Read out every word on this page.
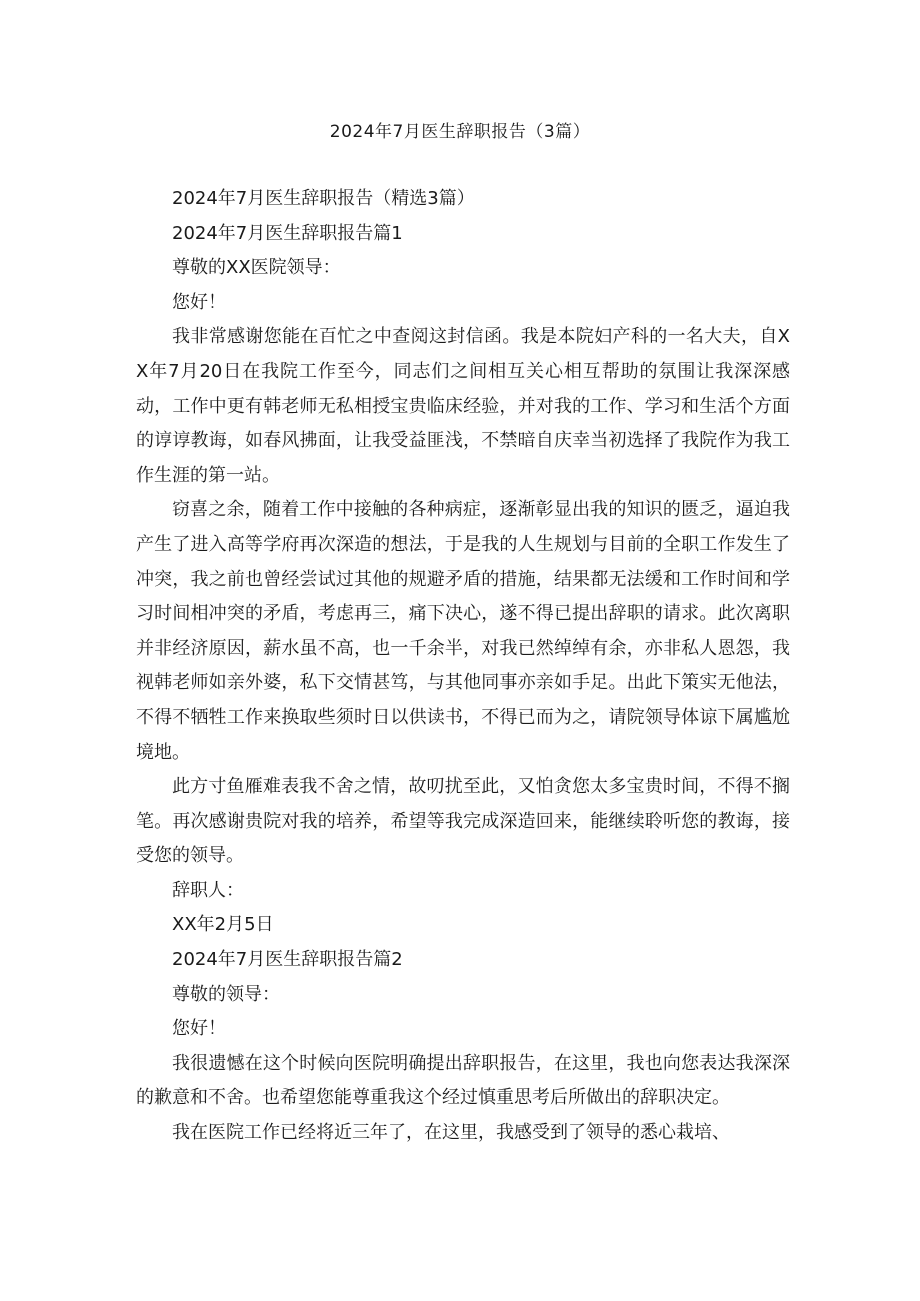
2024年7月医生辞职报告（3篇）

2024年7月医生辞职报告（精选3篇）

2024年7月医生辞职报告篇1

尊敬的XX医院领导：

您好！

我非常感谢您能在百忙之中查阅这封信函。我是本院妇产科的一名大夫，自XX年7月20日在我院工作至今，同志们之间相互关心相互帮助的氛围让我深深感动，工作中更有韩老师无私相授宝贵临床经验，并对我的工作、学习和生活个方面的谆谆教诲，如春风拂面，让我受益匪浅，不禁暗自庆幸当初选择了我院作为我工作生涯的第一站。

窃喜之余，随着工作中接触的各种病症，逐渐彰显出我的知识的匮乏，逼迫我产生了进入高等学府再次深造的想法，于是我的人生规划与目前的全职工作发生了冲突，我之前也曾经尝试过其他的规避矛盾的措施，结果都无法缓和工作时间和学习时间相冲突的矛盾，考虑再三，痛下决心，遂不得已提出辞职的请求。此次离职并非经济原因，薪水虽不高，也一千余半，对我已然绰绰有余，亦非私人恩怨，我视韩老师如亲外婆，私下交情甚笃，与其他同事亦亲如手足。出此下策实无他法，不得不牺牲工作来换取些须时日以供读书，不得已而为之，请院领导体谅下属尴尬境地。

此方寸鱼雁难表我不舍之情，故叨扰至此，又怕贪您太多宝贵时间，不得不搁笔。再次感谢贵院对我的培养，希望等我完成深造回来，能继续聆听您的教诲，接受您的领导。

辞职人：

XX年2月5日

2024年7月医生辞职报告篇2

尊敬的领导：

您好！

我很遗憾在这个时候向医院明确提出辞职报告，在这里，我也向您表达我深深的歉意和不舍。也希望您能尊重我这个经过慎重思考后所做出的辞职决定。

我在医院工作已经将近三年了，在这里，我感受到了领导的悉心栽培、
